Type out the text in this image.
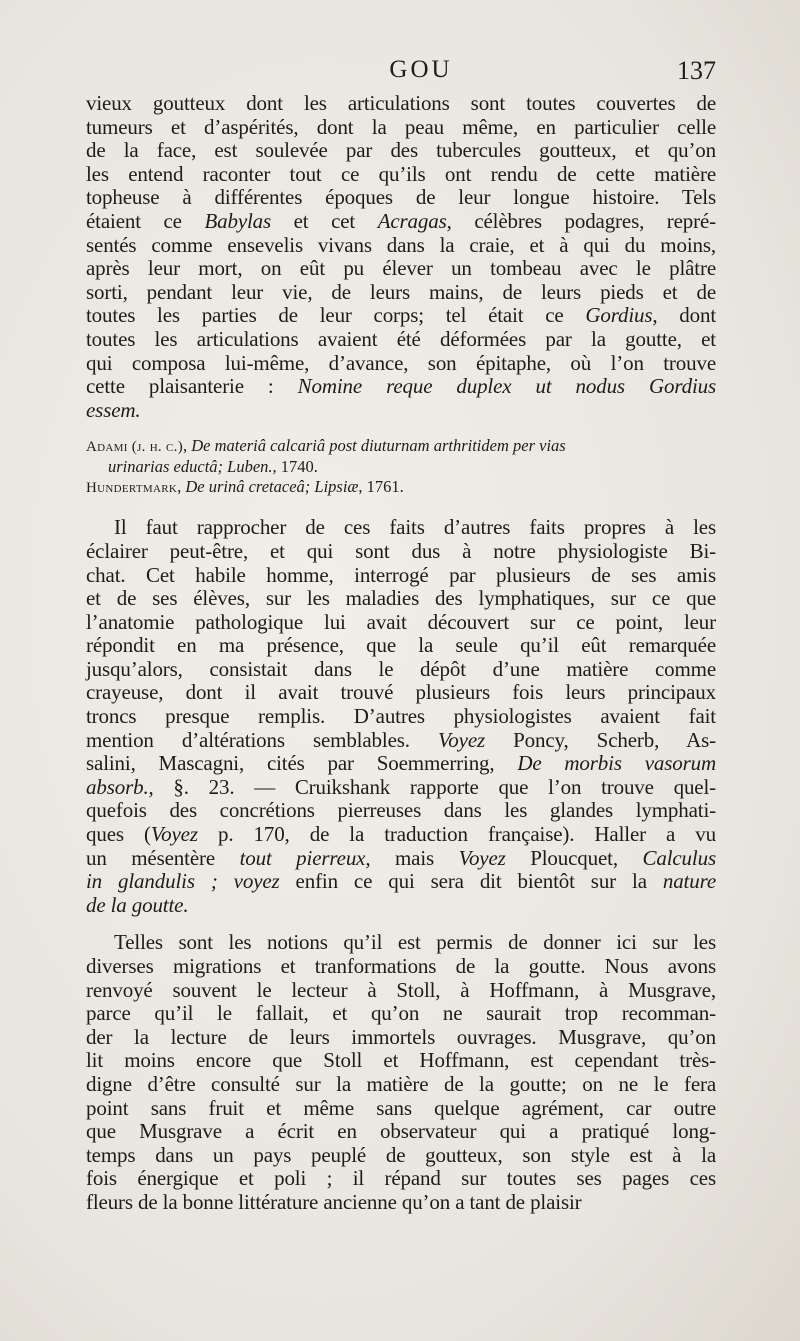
GOU	137
vieux goutteux dont les articulations sont toutes couvertes de
tumeurs et d’aspérités, dont la peau même, en particulier celle
de la face, est soulevée par des tubercules goutteux, et qu’on
les entend raconter tout ce qu’ils ont rendu de cette matière
topheuse à différentes époques de leur longue histoire. Tels
étaient ce Babylas et cet Acragas, célèbres podagres, repré-
sentés comme ensevelis vivans dans la craie, et à qui du moins,
après leur mort, on eût pu élever un tombeau avec le plâtre
sorti, pendant leur vie, de leurs mains, de leurs pieds et de
toutes les parties de leur corps; tel était ce Gordius, dont
toutes les articulations avaient été déformées par la goutte, et
qui composa lui-même, d’avance, son épitaphe, où l’on trouve
cette plaisanterie : Nomine reque duplex ut nodus Gordius
essem.
Adami (j. h. c.), De materiâ calcariâ post diuturnam arthritidem per vias
urinarias eductâ; Luben., 1740.
Hundertmark, De urinâ cretaceâ; Lipsiæ, 1761.
Il faut rapprocher de ces faits d’autres faits propres à les
éclairer peut-être, et qui sont dus à notre physiologiste Bi-
chat. Cet habile homme, interrogé par plusieurs de ses amis
et de ses élèves, sur les maladies des lymphatiques, sur ce que
l’anatomie pathologique lui avait découvert sur ce point, leur
répondit en ma présence, que la seule qu’il eût remarquée
jusqu’alors, consistait dans le dépôt d’une matière comme
crayeuse, dont il avait trouvé plusieurs fois leurs principaux
troncs presque remplis. D’autres physiologistes avaient fait
mention d’altérations semblables. Voyez Poncy, Scherb, As-
salini, Mascagni, cités par Soemmerring, De morbis vasorum
absorb., §. 23. — Cruikshank rapporte que l’on trouve quel-
quefois des concrétions pierreuses dans les glandes lymphati-
ques (Voyez p. 170, de la traduction française). Haller a vu
un mésentère tout pierreux, mais Voyez Ploucquet, Calculus
in glandulis ; voyez enfin ce qui sera dit bientôt sur la nature
de la goutte.
Telles sont les notions qu’il est permis de donner ici sur les
diverses migrations et tranformations de la goutte. Nous avons
renvoyé souvent le lecteur à Stoll, à Hoffmann, à Musgrave,
parce qu’il le fallait, et qu’on ne saurait trop recomman-
der la lecture de leurs immortels ouvrages. Musgrave, qu’on
lit moins encore que Stoll et Hoffmann, est cependant très-
digne d’être consulté sur la matière de la goutte; on ne le fera
point sans fruit et même sans quelque agrément, car outre
que Musgrave a écrit en observateur qui a pratiqué long-
temps dans un pays peuplé de goutteux, son style est à la
fois énergique et poli ; il répand sur toutes ses pages ces
fleurs de la bonne littérature ancienne qu’on a tant de plaisir
